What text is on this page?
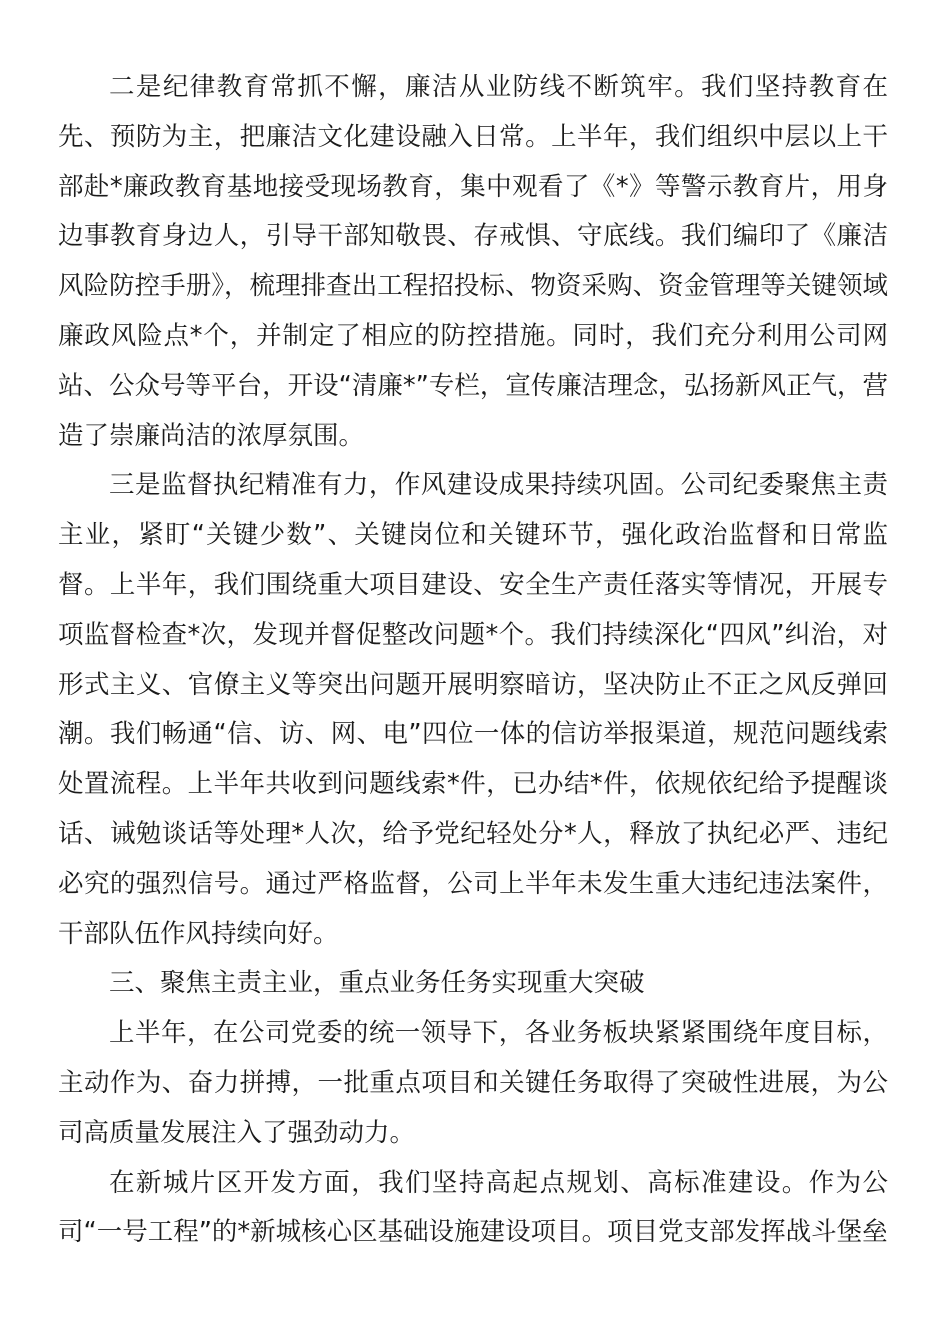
二是纪律教育常抓不懈，廉洁从业防线不断筑牢。我们坚持教育在先、预防为主，把廉洁文化建设融入日常。上半年，我们组织中层以上干部赴*廉政教育基地接受现场教育，集中观看了《*》等警示教育片，用身边事教育身边人，引导干部知敬畏、存戒惧、守底线。我们编印了《廉洁风险防控手册》，梳理排查出工程招投标、物资采购、资金管理等关键领域廉政风险点*个，并制定了相应的防控措施。同时，我们充分利用公司网站、公众号等平台，开设“清廉*”专栏，宣传廉洁理念，弘扬新风正气，营造了崇廉尚洁的浓厚氛围。

三是监督执纪精准有力，作风建设成果持续巩固。公司纪委聚焦主责主业，紧盯“关键少数”、关键岗位和关键环节，强化政治监督和日常监督。上半年，我们围绕重大项目建设、安全生产责任落实等情况，开展专项监督检查*次，发现并督促整改问题*个。我们持续深化“四风”纠治，对形式主义、官僚主义等突出问题开展明察暗访，坚决防止不正之风反弹回潮。我们畅通“信、访、网、电”四位一体的信访举报渠道，规范问题线索处置流程。上半年共收到问题线索*件，已办结*件，依规依纪给予提醒谈话、诫勉谈话等处理*人次，给予党纪轻处分*人，释放了执纪必严、违纪必究的强烈信号。通过严格监督，公司上半年未发生重大违纪违法案件，干部队伍作风持续向好。

三、聚焦主责主业，重点业务任务实现重大突破

上半年，在公司党委的统一领导下，各业务板块紧紧围绕年度目标，主动作为、奋力拼搏，一批重点项目和关键任务取得了突破性进展，为公司高质量发展注入了强劲动力。

在新城片区开发方面，我们坚持高起点规划、高标准建设。作为公司“一号工程”的*新城核心区基础设施建设项目。项目党支部发挥战斗堡垒
